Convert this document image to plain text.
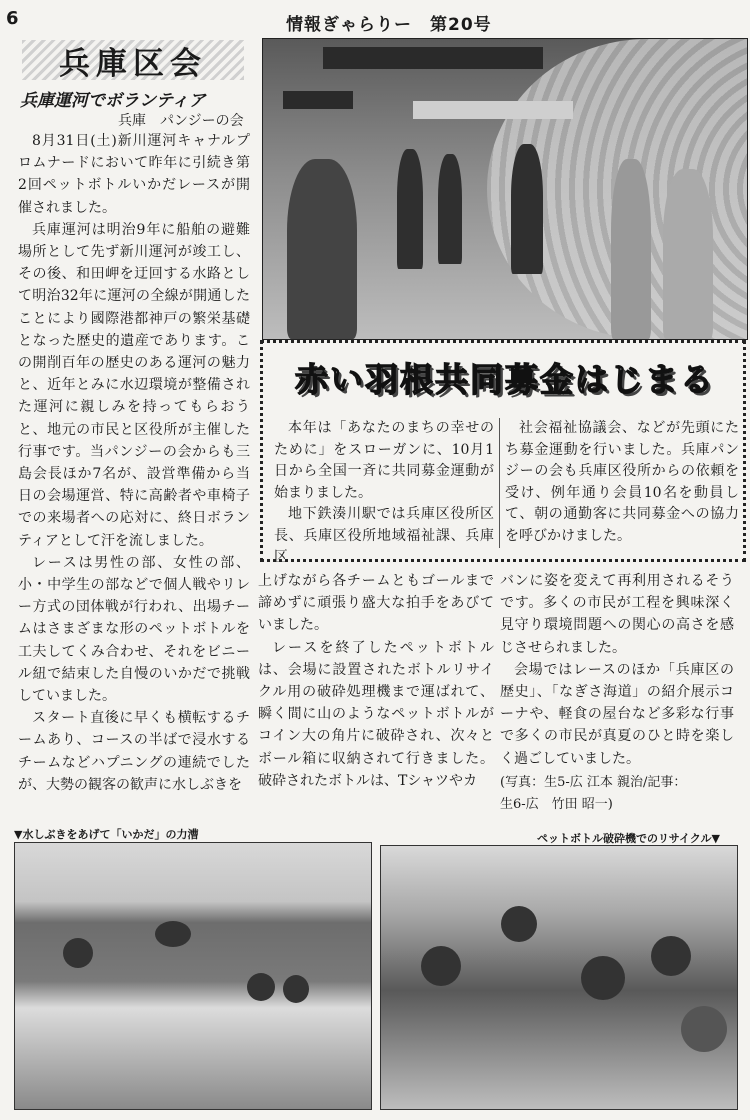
6	情報ぎゃらりー　第20号
兵庫区会
兵庫運河でボランティア
兵庫　パンジーの会

8月31日(土)新川運河キャナルプロムナードにおいて昨年に引続き第2回ペットボトルいかだレースが開催されました。

兵庫運河は明治9年に船舶の避難場所として先ず新川運河が竣工し、その後、和田岬を迂回する水路として明治32年に運河の全線が開通したことにより國際港都神戸の繁栄基礎となった歴史的遺産であります。この開削百年の歴史のある運河の魅力と、近年とみに水辺環境が整備された運河に親しみを持ってもらおうと、地元の市民と区役所が主催した行事です。当パンジーの会からも三島会長ほか7名が、設営準備から当日の会場運営、特に高齢者や車椅子での来場者への応対に、終日ボランティアとして汗を流しました。

レースは男性の部、女性の部、小・中学生の部などで個人戦やリレー方式の団体戦が行われ、出場チームはさまざまな形のペットボトルを工夫してくみ合わせ、それをビニール紐で結束した自慢のいかだで挑戦していました。

スタート直後に早くも横転するチームあり、コースの半ばで浸水するチームなどハプニングの連続でしたが、大勢の観客の歓声に水しぶきを

赤い羽根共同募金はじまる

本年は「あなたのまちの幸せのために」をスローガンに、10月1日から全国一斉に共同募金運動が始まりました。

地下鉄湊川駅では兵庫区役所区長、兵庫区役所地域福祉課、兵庫区

社会福祉協議会、などが先頭にたち募金運動を行いました。兵庫パンジーの会も兵庫区役所からの依頼を受け、例年通り会員10名を動員して、朝の通勤客に共同募金への協力を呼びかけました。

上げながら各チームともゴールまで諦めずに頑張り盛大な拍手をあびていました。

レースを終了したペットボトルは、会場に設置されたボトルリサイクル用の破砕処理機まで運ばれて、瞬く間に山のようなペットボトルがコイン大の角片に破砕され、次々とボール箱に収納されて行きました。破砕されたボトルは、Tシャツやカ

バンに姿を変えて再利用されるそうです。多くの市民が工程を興味深く見守り環境問題への関心の高さを感じさせられました。

会場ではレースのほか「兵庫区の歴史」、「なぎさ海道」の紹介展示コーナや、軽食の屋台など多彩な行事で多くの市民が真夏のひと時を楽しく過ごしていました。

(写真：生5-広 江本 親治/記事：
生6-広　竹田 昭一)
▼水しぶきをあげて「いかだ」の力漕	ペットボトル破砕機でのリサイクル▼
